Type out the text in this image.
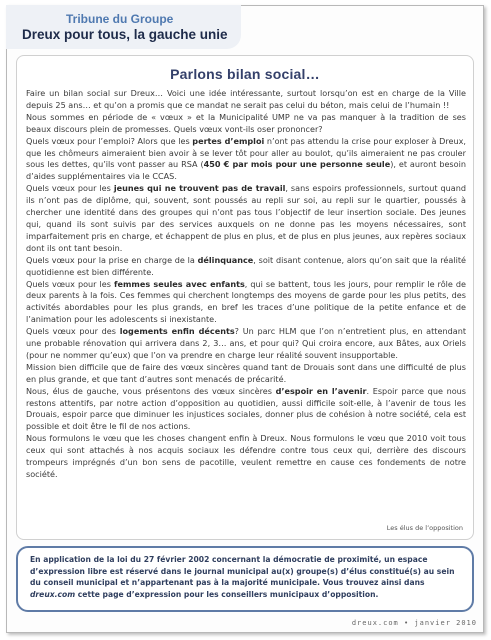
Tribune du Groupe
Dreux pour tous, la gauche unie
Parlons bilan social…

Faire un bilan social sur Dreux… Voici une idée intéressante, surtout lorsqu’on est en charge de la Ville depuis 25 ans… et qu’on a promis que ce mandat ne serait pas celui du béton, mais celui de l’humain !!

Nous sommes en période de « vœux » et la Municipalité UMP ne va pas manquer à la tradition de ses beaux discours plein de promesses. Quels vœux vont-ils oser prononcer?

Quels vœux pour l’emploi? Alors que les pertes d’emploi n’ont pas attendu la crise pour exploser à Dreux, que les chômeurs aimeraient bien avoir à se lever tôt pour aller au boulot, qu’ils aimeraient ne pas crouler sous les dettes, qu’ils vont passer au RSA (450 € par mois pour une personne seule), et auront besoin d’aides supplémentaires via le CCAS.

Quels vœux pour les jeunes qui ne trouvent pas de travail, sans espoirs professionnels, surtout quand ils n’ont pas de diplôme, qui, souvent, sont poussés au repli sur soi, au repli sur le quartier, poussés à chercher une identité dans des groupes qui n’ont pas tous l’objectif de leur insertion sociale. Des jeunes qui, quand ils sont suivis par des services auxquels on ne donne pas les moyens nécessaires, sont imparfaitement pris en charge, et échappent de plus en plus, et de plus en plus jeunes, aux repères sociaux dont ils ont tant besoin.

Quels vœux pour la prise en charge de la délinquance, soit disant contenue, alors qu’on sait que la réalité quotidienne est bien différente.

Quels vœux pour les femmes seules avec enfants, qui se battent, tous les jours, pour remplir le rôle de deux parents à la fois. Ces femmes qui cherchent longtemps des moyens de garde pour les plus petits, des activités abordables pour les plus grands, en bref les traces d’une politique de la petite enfance et de l’animation pour les adolescents si inexistante.

Quels vœux pour des logements enfin décents? Un parc HLM que l’on n’entretient plus, en attendant une probable rénovation qui arrivera dans 2, 3… ans, et pour qui? Qui croira encore, aux Bâtes, aux Oriels (pour ne nommer qu’eux) que l’on va prendre en charge leur réalité souvent insupportable.

Mission bien difficile que de faire des vœux sincères quand tant de Drouais sont dans une difficulté de plus en plus grande, et que tant d’autres sont menacés de précarité.

Nous, élus de gauche, vous présentons des vœux sincères d’espoir en l’avenir. Espoir parce que nous restons attentifs, par notre action d’opposition au quotidien, aussi difficile soit-elle, à l’avenir de tous les Drouais, espoir parce que diminuer les injustices sociales, donner plus de cohésion à notre société, cela est possible et doit être le fil de nos actions.

Nous formulons le vœu que les choses changent enfin à Dreux. Nous formulons le vœu que 2010 voit tous ceux qui sont attachés à nos acquis sociaux les défendre contre tous ceux qui, derrière des discours trompeurs imprégnés d’un bon sens de pacotille, veulent remettre en cause ces fondements de notre société.

Les élus de l’opposition
En application de la loi du 27 février 2002 concernant la démocratie de proximité, un espace d’expression libre est réservé dans le journal municipal au(x) groupe(s) d’élus constitué(s) au sein du conseil municipal et n’appartenant pas à la majorité municipale. Vous trouvez ainsi dans dreux.com cette page d’expression pour les conseillers municipaux d’opposition.
dreux.com • janvier 2010
